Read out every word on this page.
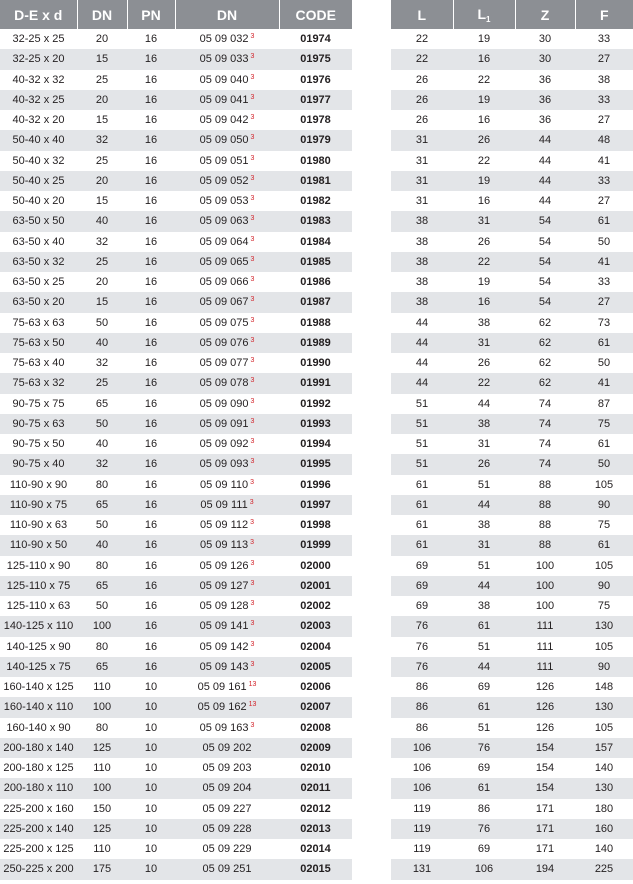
D-E x d	DN	PN	DN	CODE
32-25 x 25	20	16	05 09 032 $^3$	01974
32-25 x 20	15	16	05 09 033 $^3$	01975
40-32 x 32	25	16	05 09 040 $^3$	01976
40-32 x 25	20	16	05 09 041 $^3$	01977
40-32 x 20	15	16	05 09 042 $^3$	01978
50-40 x 40	32	16	05 09 050 $^3$	01979
50-40 x 32	25	16	05 09 051 $^3$	01980
50-40 x 25	20	16	05 09 052 $^3$	01981
50-40 x 20	15	16	05 09 053 $^3$	01982
63-50 x 50	40	16	05 09 063 $^3$	01983
63-50 x 40	32	16	05 09 064 $^3$	01984
63-50 x 32	25	16	05 09 065 $^3$	01985
63-50 x 25	20	16	05 09 066 $^3$	01986
63-50 x 20	15	16	05 09 067 $^3$	01987
75-63 x 63	50	16	05 09 075 $^3$	01988
75-63 x 50	40	16	05 09 076 $^3$	01989
75-63 x 40	32	16	05 09 077 $^3$	01990
75-63 x 32	25	16	05 09 078 $^3$	01991
90-75 x 75	65	16	05 09 090 $^3$	01992
90-75 x 63	50	16	05 09 091 $^3$	01993
90-75 x 50	40	16	05 09 092 $^3$	01994
90-75 x 40	32	16	05 09 093 $^3$	01995
110-90 x 90	80	16	05 09 110 $^3$	01996
110-90 x 75	65	16	05 09 111 $^3$	01997
110-90 x 63	50	16	05 09 112 $^3$	01998
110-90 x 50	40	16	05 09 113 $^3$	01999
125-110 x 90	80	16	05 09 126 $^3$	02000
125-110 x 75	65	16	05 09 127 $^3$	02001
125-110 x 63	50	16	05 09 128 $^3$	02002
140-125 x 110	100	16	05 09 141 $^3$	02003
140-125 x 90	80	16	05 09 142 $^3$	02004
140-125 x 75	65	16	05 09 143 $^3$	02005
160-140 x 125	110	10	05 09 161 $^{13}$	02006
160-140 x 110	100	10	05 09 162 $^{13}$	02007
160-140 x 90	80	10	05 09 163 $^3$	02008
200-180 x 140	125	10	05 09 202	02009
200-180 x 125	110	10	05 09 203	02010
200-180 x 110	100	10	05 09 204	02011
225-200 x 160	150	10	05 09 227	02012
225-200 x 140	125	10	05 09 228	02013
225-200 x 125	110	10	05 09 229	02014
250-225 x 200	175	10	05 09 251	02015
L	$L_1$	Z	F
22	19	30	33
22	16	30	27
26	22	36	38
26	19	36	33
26	16	36	27
31	26	44	48
31	22	44	41
31	19	44	33
31	16	44	27
38	31	54	61
38	26	54	50
38	22	54	41
38	19	54	33
38	16	54	27
44	38	62	73
44	31	62	61
44	26	62	50
44	22	62	41
51	44	74	87
51	38	74	75
51	31	74	61
51	26	74	50
61	51	88	105
61	44	88	90
61	38	88	75
61	31	88	61
69	51	100	105
69	44	100	90
69	38	100	75
76	61	111	130
76	51	111	105
76	44	111	90
86	69	126	148
86	61	126	130
86	51	126	105
106	76	154	157
106	69	154	140
106	61	154	130
119	86	171	180
119	76	171	160
119	69	171	140
131	106	194	225
